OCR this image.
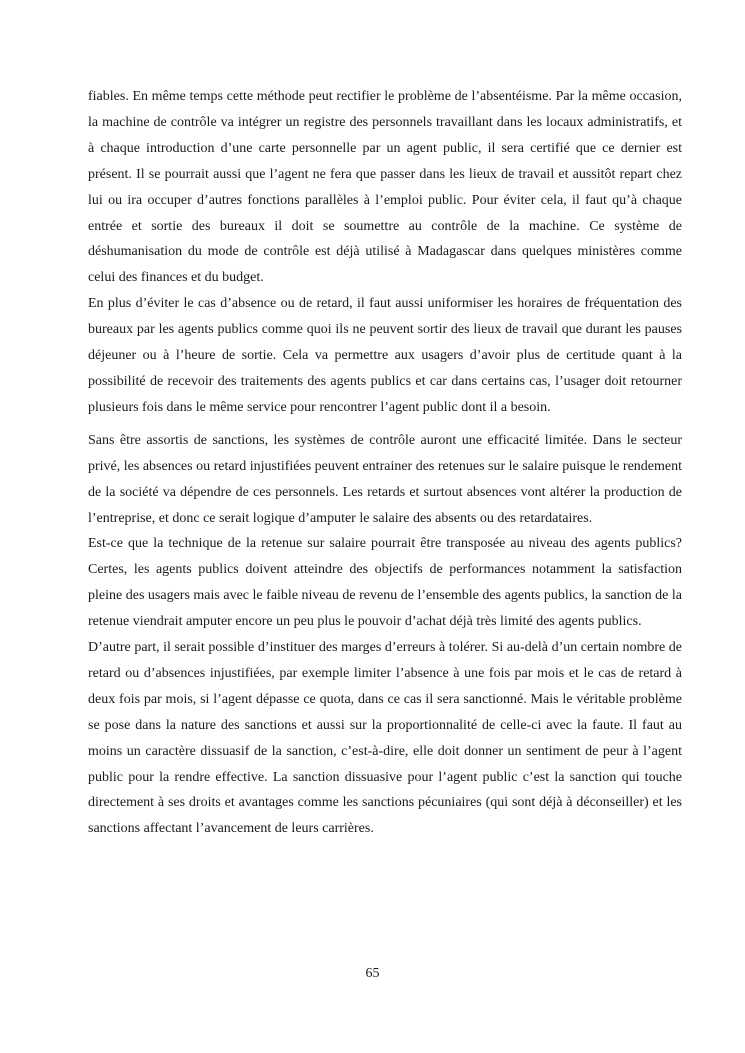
fiables. En même temps cette méthode peut rectifier le problème de l’absentéisme. Par la même occasion, la machine de contrôle va intégrer un registre des personnels travaillant dans les locaux administratifs, et à chaque introduction d’une carte personnelle par un agent public, il sera certifié que ce dernier est présent. Il se pourrait aussi que l’agent ne fera que passer dans les lieux de travail et aussitôt repart chez lui ou ira occuper d’autres fonctions parallèles à l’emploi public. Pour éviter cela, il faut qu’à chaque entrée et sortie des bureaux il doit se soumettre au contrôle de la machine. Ce système de déshumanisation du mode de contrôle est déjà utilisé à Madagascar dans quelques ministères comme celui des finances et du budget.

En plus d’éviter le cas d’absence ou de retard, il faut aussi uniformiser les horaires de fréquentation des bureaux par les agents publics comme quoi ils ne peuvent sortir des lieux de travail que durant les pauses déjeuner ou à l’heure de sortie. Cela va permettre aux usagers d’avoir plus de certitude quant à la possibilité de recevoir des traitements des agents publics et car dans certains cas, l’usager doit retourner plusieurs fois dans le même service pour rencontrer l’agent public dont il a besoin.

Sans être assortis de sanctions, les systèmes de contrôle auront une efficacité limitée. Dans le secteur privé, les absences ou retard injustifiées peuvent entrainer des retenues sur le salaire puisque le rendement de la société va dépendre de ces personnels. Les retards et surtout absences vont altérer la production de l’entreprise, et donc ce serait logique d’amputer le salaire des absents ou des retardataires.

Est-ce que la technique de la retenue sur salaire pourrait être transposée au niveau des agents publics? Certes, les agents publics doivent atteindre des objectifs de performances notamment la satisfaction pleine des usagers mais avec le faible niveau de revenu de l’ensemble des agents publics, la sanction de la retenue viendrait amputer encore un peu plus le pouvoir d’achat déjà très limité des agents publics.

D’autre part, il serait possible d’instituer des marges d’erreurs à tolérer. Si au-delà d’un certain nombre de retard ou d’absences injustifiées, par exemple limiter l’absence à une fois par mois et le cas de retard à deux fois par mois, si l’agent dépasse ce quota, dans ce cas il sera sanctionné. Mais le véritable problème se pose dans la nature des sanctions et aussi sur la proportionnalité de celle-ci avec la faute. Il faut au moins un caractère dissuasif de la sanction, c’est-à-dire, elle doit donner un sentiment de peur à l’agent public pour la rendre effective. La sanction dissuasive pour l’agent public c’est la sanction qui touche directement à ses droits et avantages comme les sanctions pécuniaires (qui sont déjà à déconseiller) et les sanctions affectant l’avancement de leurs carrières.

65
